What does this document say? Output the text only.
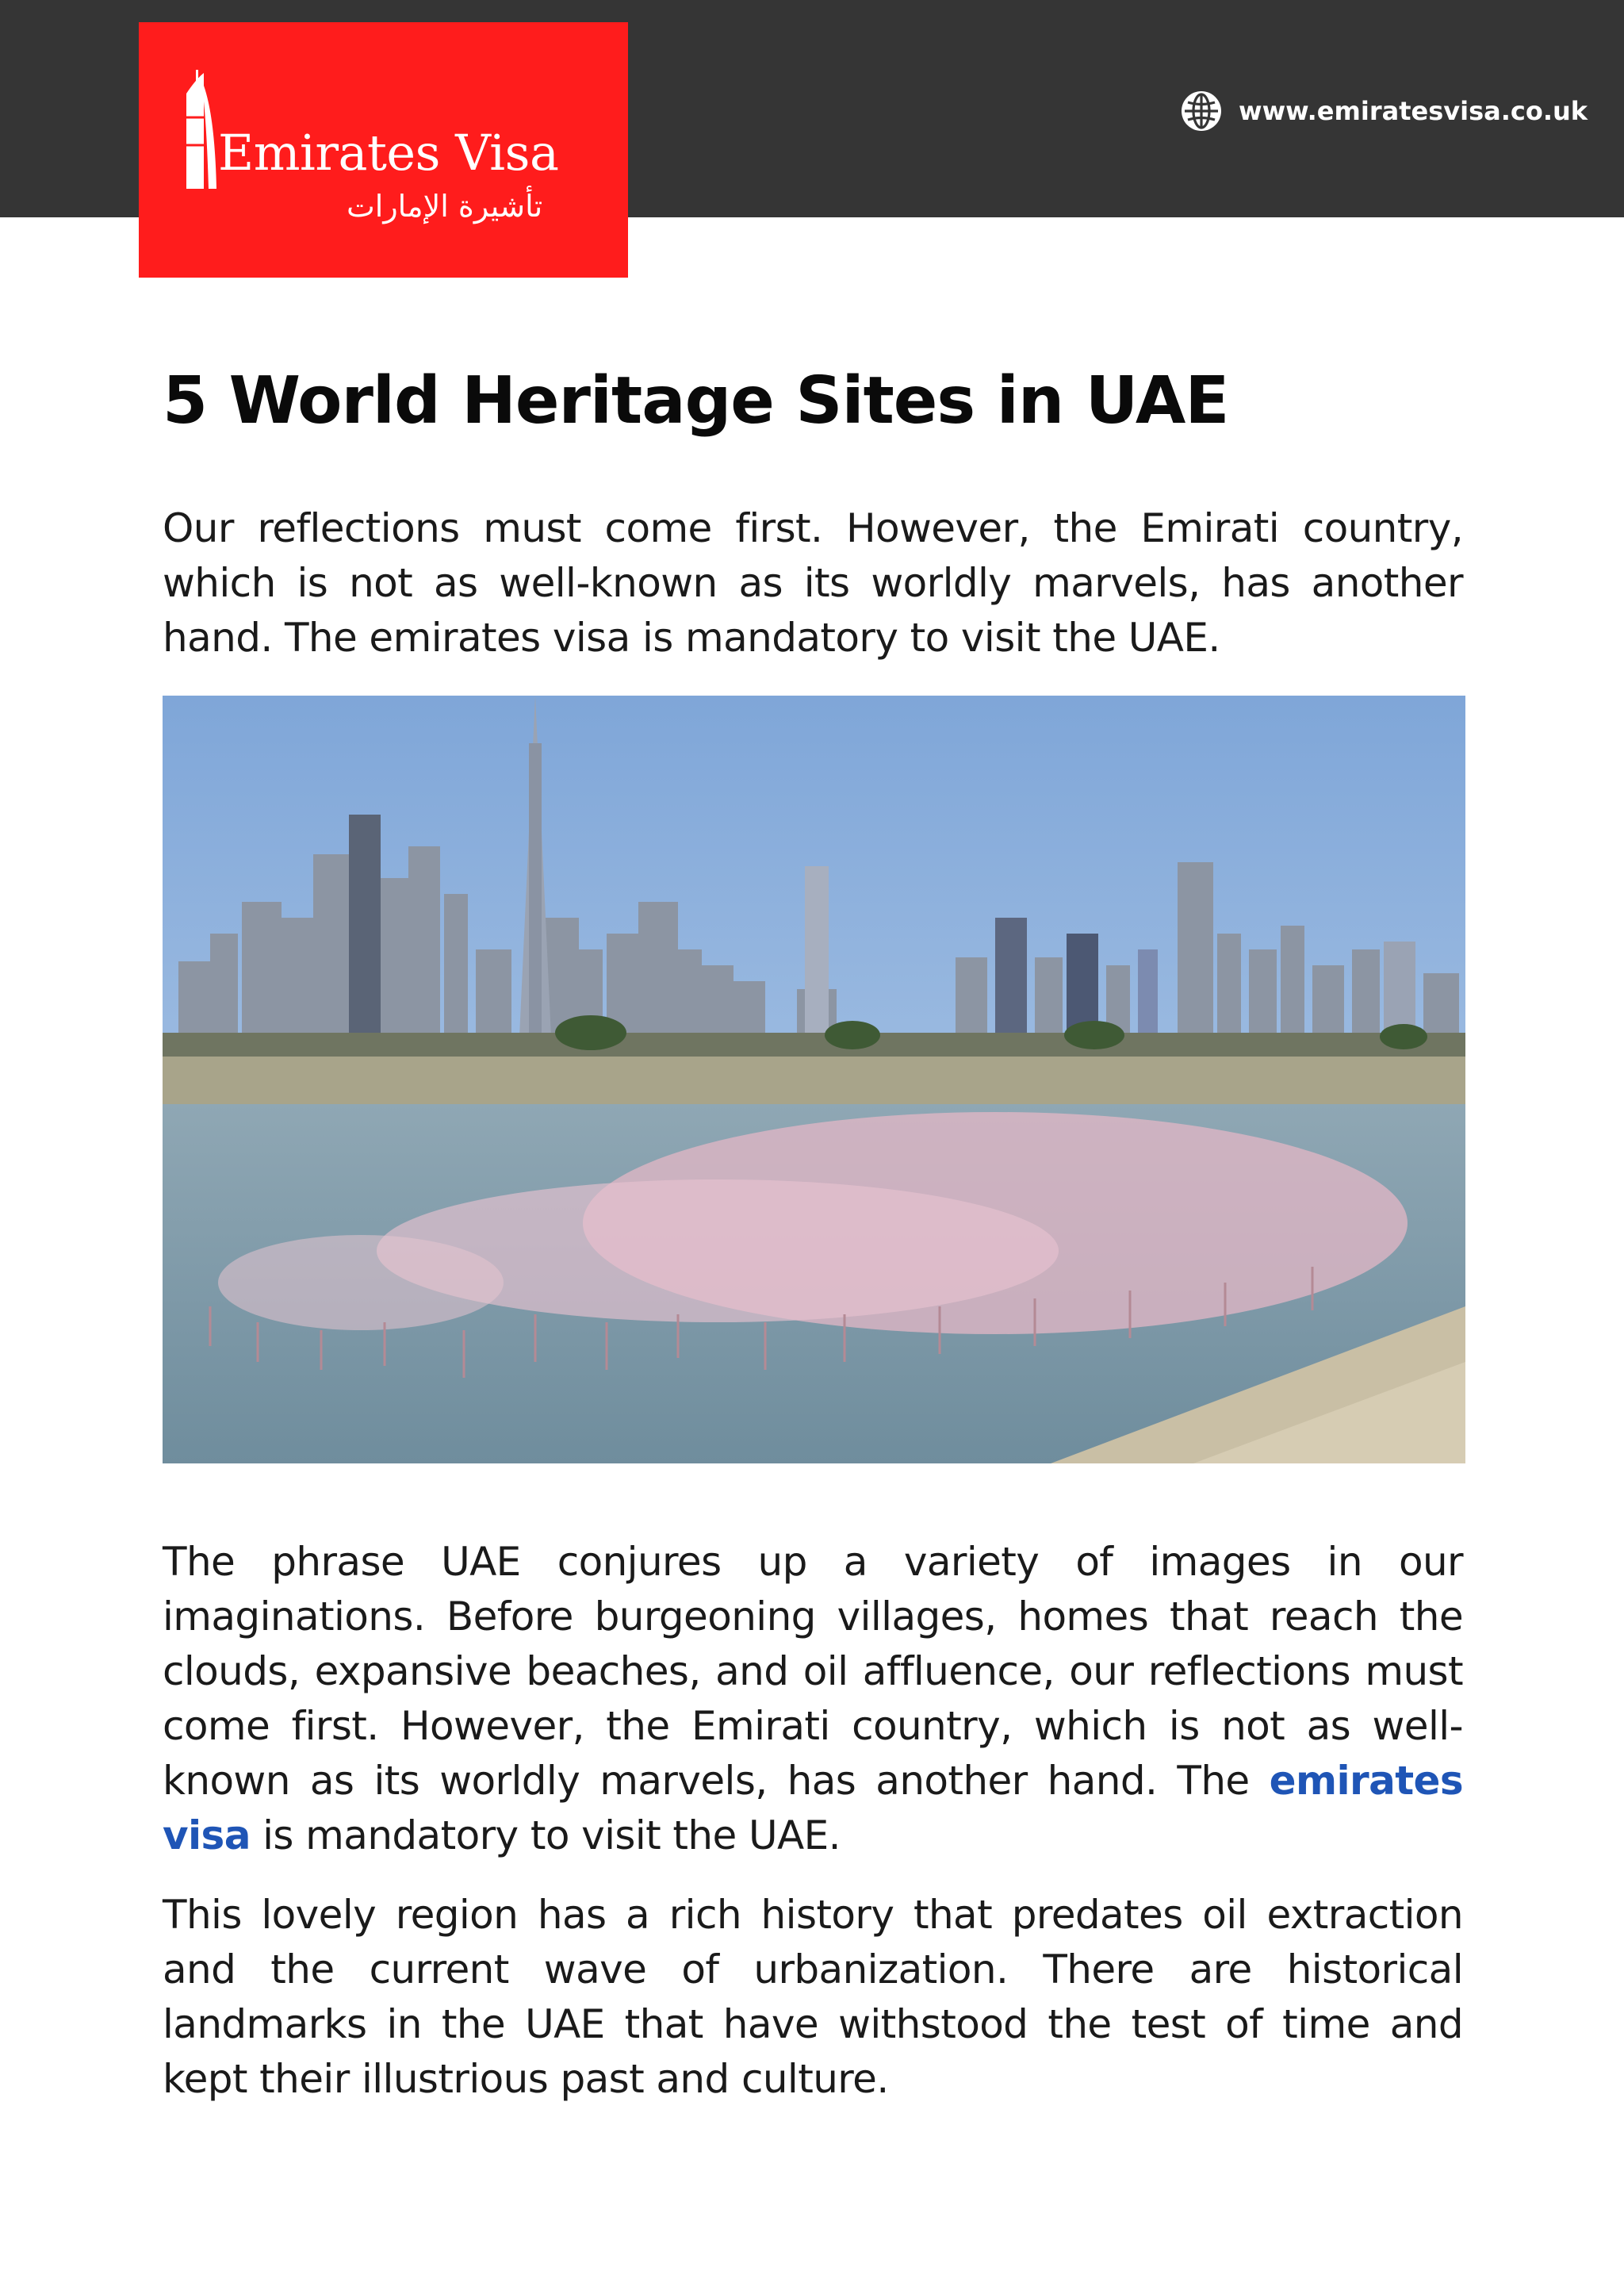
Emirates Visa
تأشيرة الإمارات
www.emiratesvisa.co.uk
5 World Heritage Sites in UAE

Our reflections must come first. However, the Emirati country, which is not as well-known as its worldly marvels, has another hand. The emirates visa is mandatory to visit the UAE.

The phrase UAE conjures up a variety of images in our imaginations. Before burgeoning villages, homes that reach the clouds, expansive beaches, and oil affluence, our reflections must come first. However, the Emirati country, which is not as well-known as its worldly marvels, has another hand. The emirates visa is mandatory to visit the UAE.

This lovely region has a rich history that predates oil extraction and the current wave of urbanization. There are historical landmarks in the UAE that have withstood the test of time and kept their illustrious past and culture.
